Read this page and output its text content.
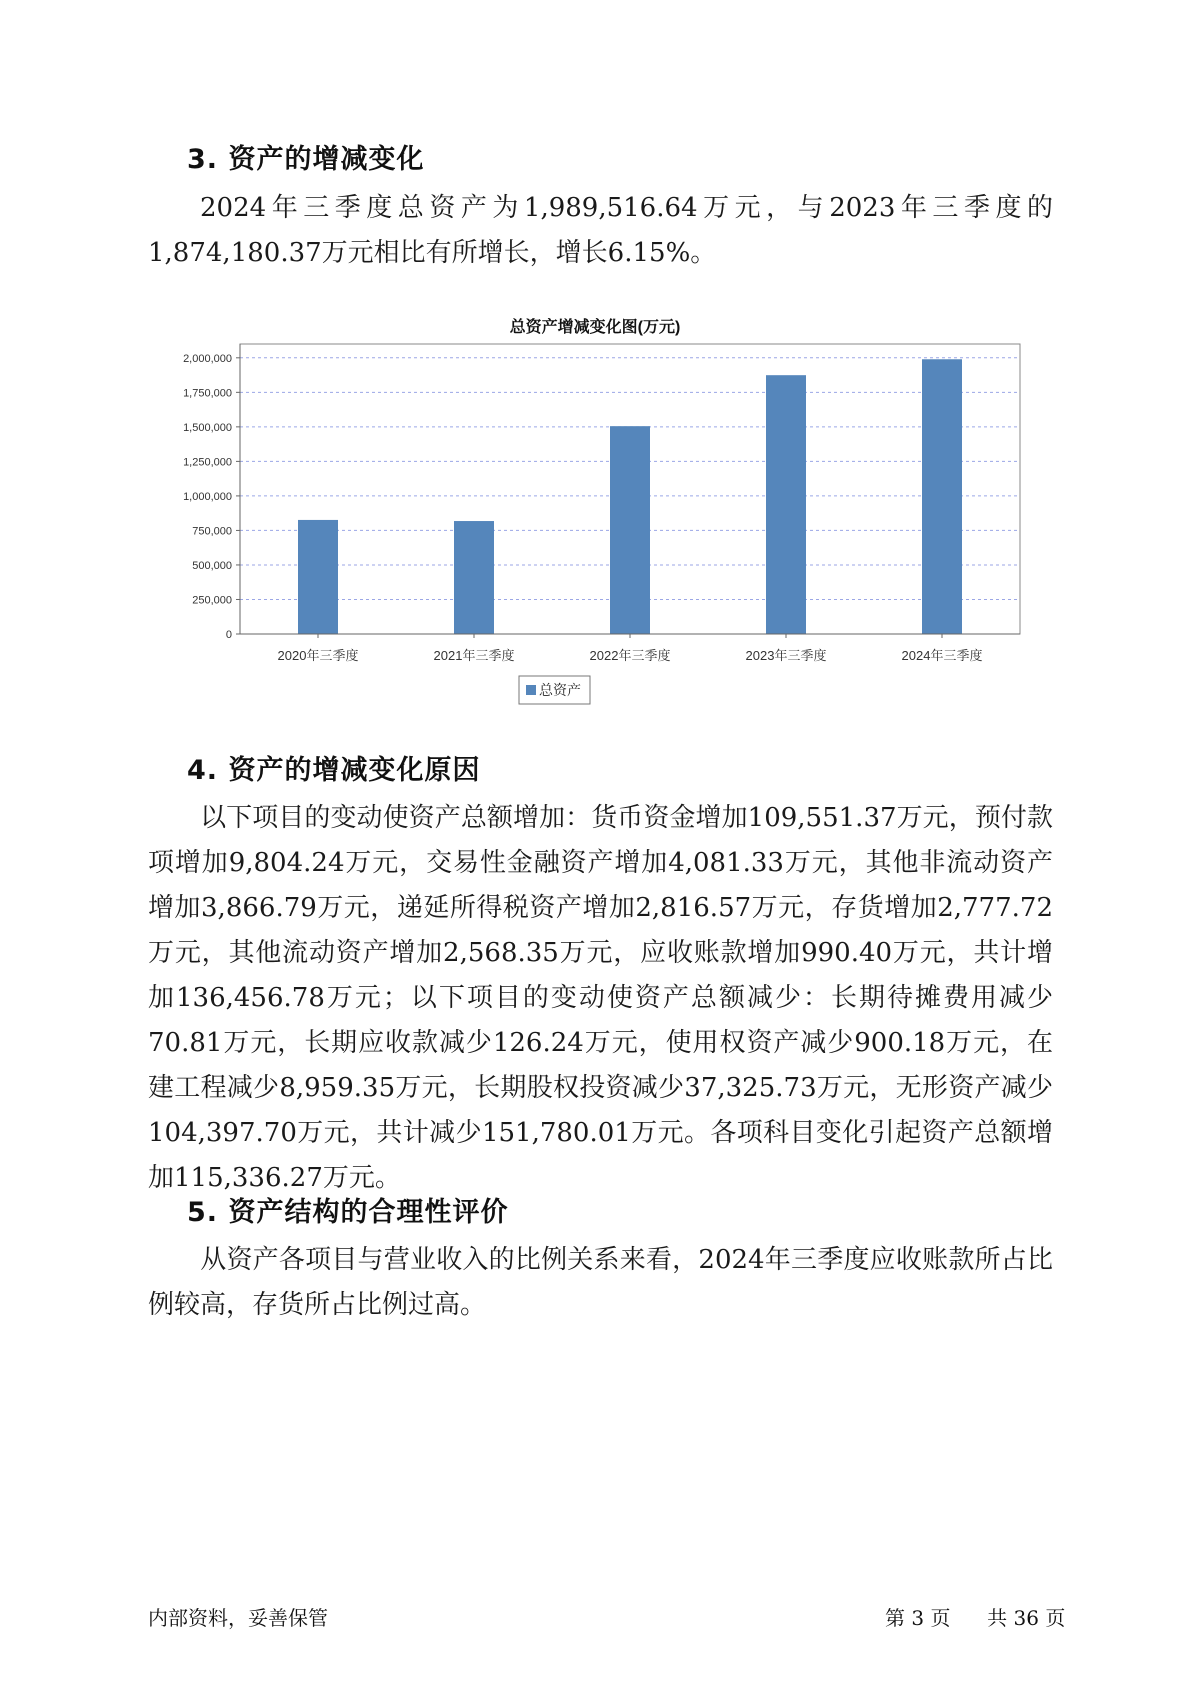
3. 资产的增减变化
2024年三季度总资产为1,989,516.64万元，与2023年三季度的1,874,180.37万元相比有所增长，增长6.15%。
总资产增减变化图(万元)
0
250,000
500,000
750,000
1,000,000
1,250,000
1,500,000
1,750,000
2,000,000
2020年三季度	2021年三季度	2022年三季度	2023年三季度	2024年三季度
总资产
4. 资产的增减变化原因
以下项目的变动使资产总额增加：货币资金增加109,551.37万元，预付款项增加9,804.24万元，交易性金融资产增加4,081.33万元，其他非流动资产增加3,866.79万元，递延所得税资产增加2,816.57万元，存货增加2,777.72万元，其他流动资产增加2,568.35万元，应收账款增加990.40万元，共计增加136,456.78万元；以下项目的变动使资产总额减少：长期待摊费用减少70.81万元，长期应收款减少126.24万元，使用权资产减少900.18万元，在建工程减少8,959.35万元，长期股权投资减少37,325.73万元，无形资产减少104,397.70万元，共计减少151,780.01万元。各项科目变化引起资产总额增加115,336.27万元。
5. 资产结构的合理性评价
从资产各项目与营业收入的比例关系来看，2024年三季度应收账款所占比例较高，存货所占比例过高。
内部资料，妥善保管	第 3 页 共 36 页
